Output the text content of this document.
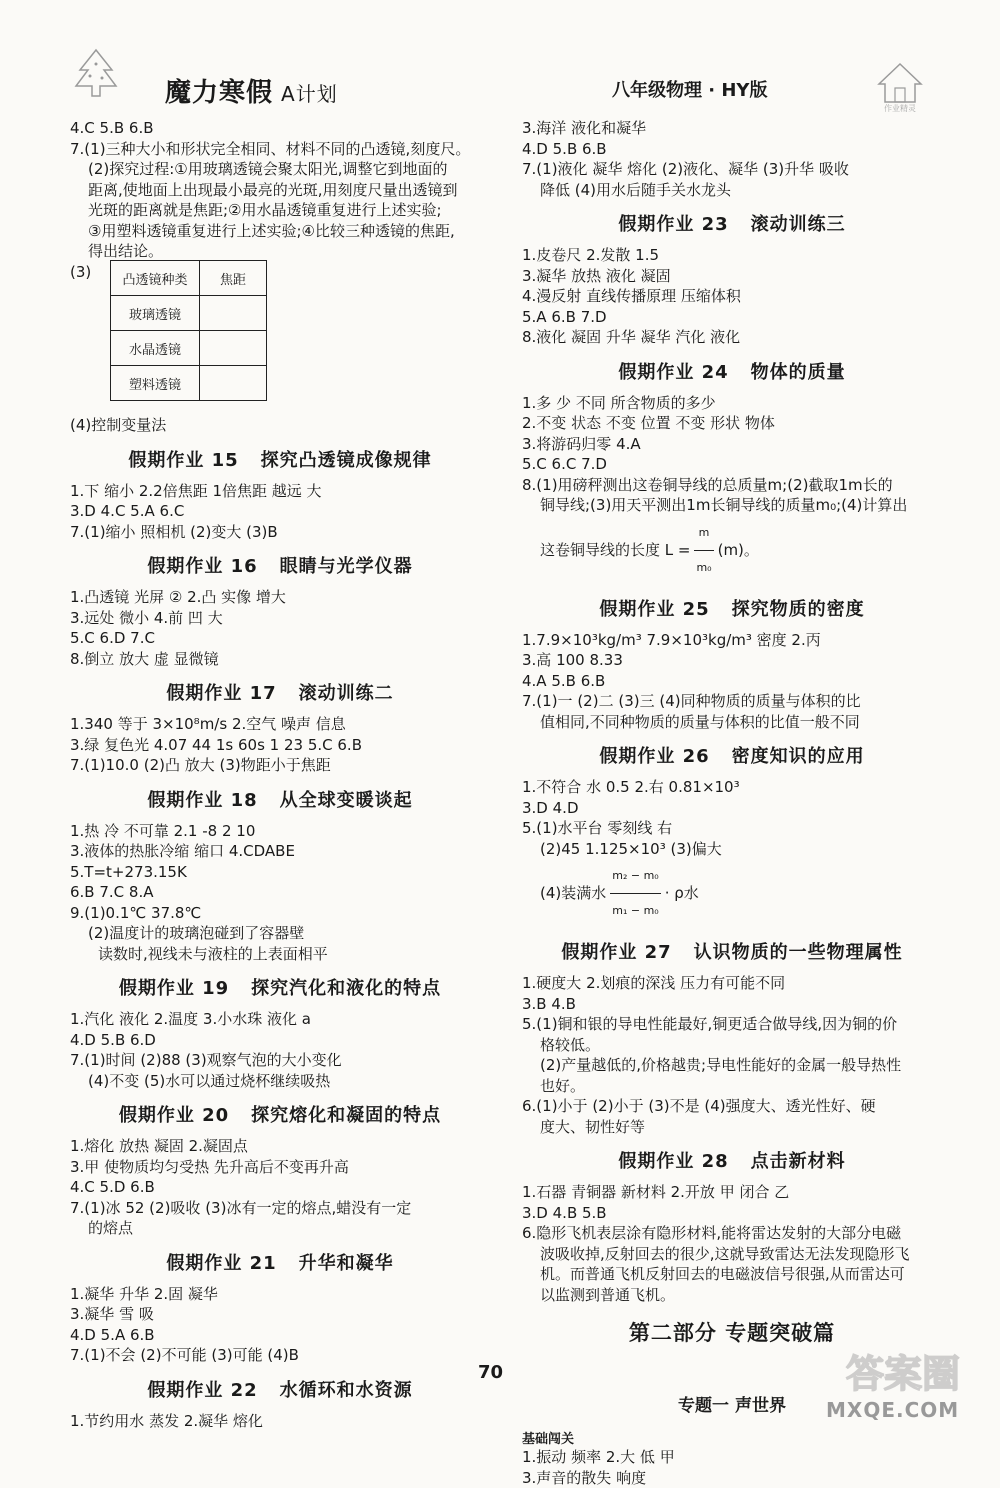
魔力寒假 A计划	八年级物理 · HY版
作业精灵
4.C 5.B 6.B
7.(1)三种大小和形状完全相同、材料不同的凸透镜,刻度尺。
(2)探究过程:①用玻璃透镜会聚太阳光,调整它到地面的
距离,使地面上出现最小最亮的光斑,用刻度尺量出透镜到
光斑的距离就是焦距;②用水晶透镜重复进行上述实验;
③用塑料透镜重复进行上述实验;④比较三种透镜的焦距,
得出结论。
(3)	凸透镜种类	焦距
玻璃透镜	
水晶透镜	
塑料透镜	
(4)控制变量法
假期作业 15 探究凸透镜成像规律
1.下 缩小 2.2倍焦距 1倍焦距 越远 大
3.D 4.C 5.A 6.C
7.(1)缩小 照相机 (2)变大 (3)B
假期作业 16 眼睛与光学仪器
1.凸透镜 光屏 ② 2.凸 实像 增大
3.远处 微小 4.前 凹 大
5.C 6.D 7.C
8.倒立 放大 虚 显微镜
假期作业 17 滚动训练二
1.340 等于 3×10⁸m/s 2.空气 噪声 信息
3.绿 复色光 4.07 44 1s 60s 1 23 5.C 6.B
7.(1)10.0 (2)凸 放大 (3)物距小于焦距
假期作业 18 从全球变暖谈起
1.热 冷 不可靠 2.1 -8 2 10
3.液体的热胀冷缩 缩口 4.CDABE
5.T=t+273.15K
6.B 7.C 8.A
9.(1)0.1℃ 37.8℃
(2)温度计的玻璃泡碰到了容器壁
读数时,视线未与液柱的上表面相平
假期作业 19 探究汽化和液化的特点
1.汽化 液化 2.温度 3.小水珠 液化 a
4.D 5.B 6.D
7.(1)时间 (2)88 (3)观察气泡的大小变化
(4)不变 (5)水可以通过烧杯继续吸热
假期作业 20 探究熔化和凝固的特点
1.熔化 放热 凝固 2.凝固点
3.甲 使物质均匀受热 先升高后不变再升高
4.C 5.D 6.B
7.(1)冰 52 (2)吸收 (3)冰有一定的熔点,蜡没有一定
的熔点
假期作业 21 升华和凝华
1.凝华 升华 2.固 凝华
3.凝华 雪 吸
4.D 5.A 6.B
7.(1)不会 (2)不可能 (3)可能 (4)B
假期作业 22 水循环和水资源
1.节约用水 蒸发 2.凝华 熔化
3.海洋 液化和凝华
4.D 5.B 6.B
7.(1)液化 凝华 熔化 (2)液化、凝华 (3)升华 吸收
降低 (4)用水后随手关水龙头
假期作业 23 滚动训练三
1.皮卷尺 2.发散 1.5
3.凝华 放热 液化 凝固
4.漫反射 直线传播原理 压缩体积
5.A 6.B 7.D
8.液化 凝固 升华 凝华 汽化 液化
假期作业 24 物体的质量
1.多 少 不同 所含物质的多少
2.不变 状态 不变 位置 不变 形状 物体
3.将游码归零 4.A
5.C 6.C 7.D
8.(1)用磅秤测出这卷铜导线的总质量m;(2)截取1m长的
铜导线;(3)用天平测出1m长铜导线的质量m₀;(4)计算出
这卷铜导线的长度 $L = \frac{m}{\text{m₀}} (m)$。
假期作业 25 探究物质的密度
1.7.9×10³kg/m³ 7.9×10³kg/m³ 密度 2.丙
3.高 100 8.33
4.A 5.B 6.B
7.(1)一 (2)二 (3)三 (4)同种物质的质量与体积的比
值相同,不同种物质的质量与体积的比值一般不同
假期作业 26 密度知识的应用
1.不符合 水 0.5 2.右 0.81×10³
3.D 4.D
5.(1)水平台 零刻线 右
(2)45 1.125×10³ (3)偏大
(4)装满水 $\frac{\text{m₂ − m₀}}{\text{m₁ − m₀}} \cdot \rho$水
假期作业 27 认识物质的一些物理属性
1.硬度大 2.划痕的深浅 压力有可能不同
3.B 4.B
5.(1)铜和银的导电性能最好,铜更适合做导线,因为铜的价
格较低。
(2)产量越低的,价格越贵;导电性能好的金属一般导热性
也好。
6.(1)小于 (2)小于 (3)不是 (4)强度大、透光性好、硬
度大、韧性好等
假期作业 28 点击新材料
1.石器 青铜器 新材料 2.开放 甲 闭合 乙
3.D 4.B 5.B
6.隐形飞机表层涂有隐形材料,能将雷达发射的大部分电磁
波吸收掉,反射回去的很少,这就导致雷达无法发现隐形飞
机。而普通飞机反射回去的电磁波信号很强,从而雷达可
以监测到普通飞机。
第二部分 专题突破篇
专题一 声世界
基础闯关
1.振动 频率 2.大 低 甲
3.声音的散失 响度
70	答案圈
MXQE.COM
